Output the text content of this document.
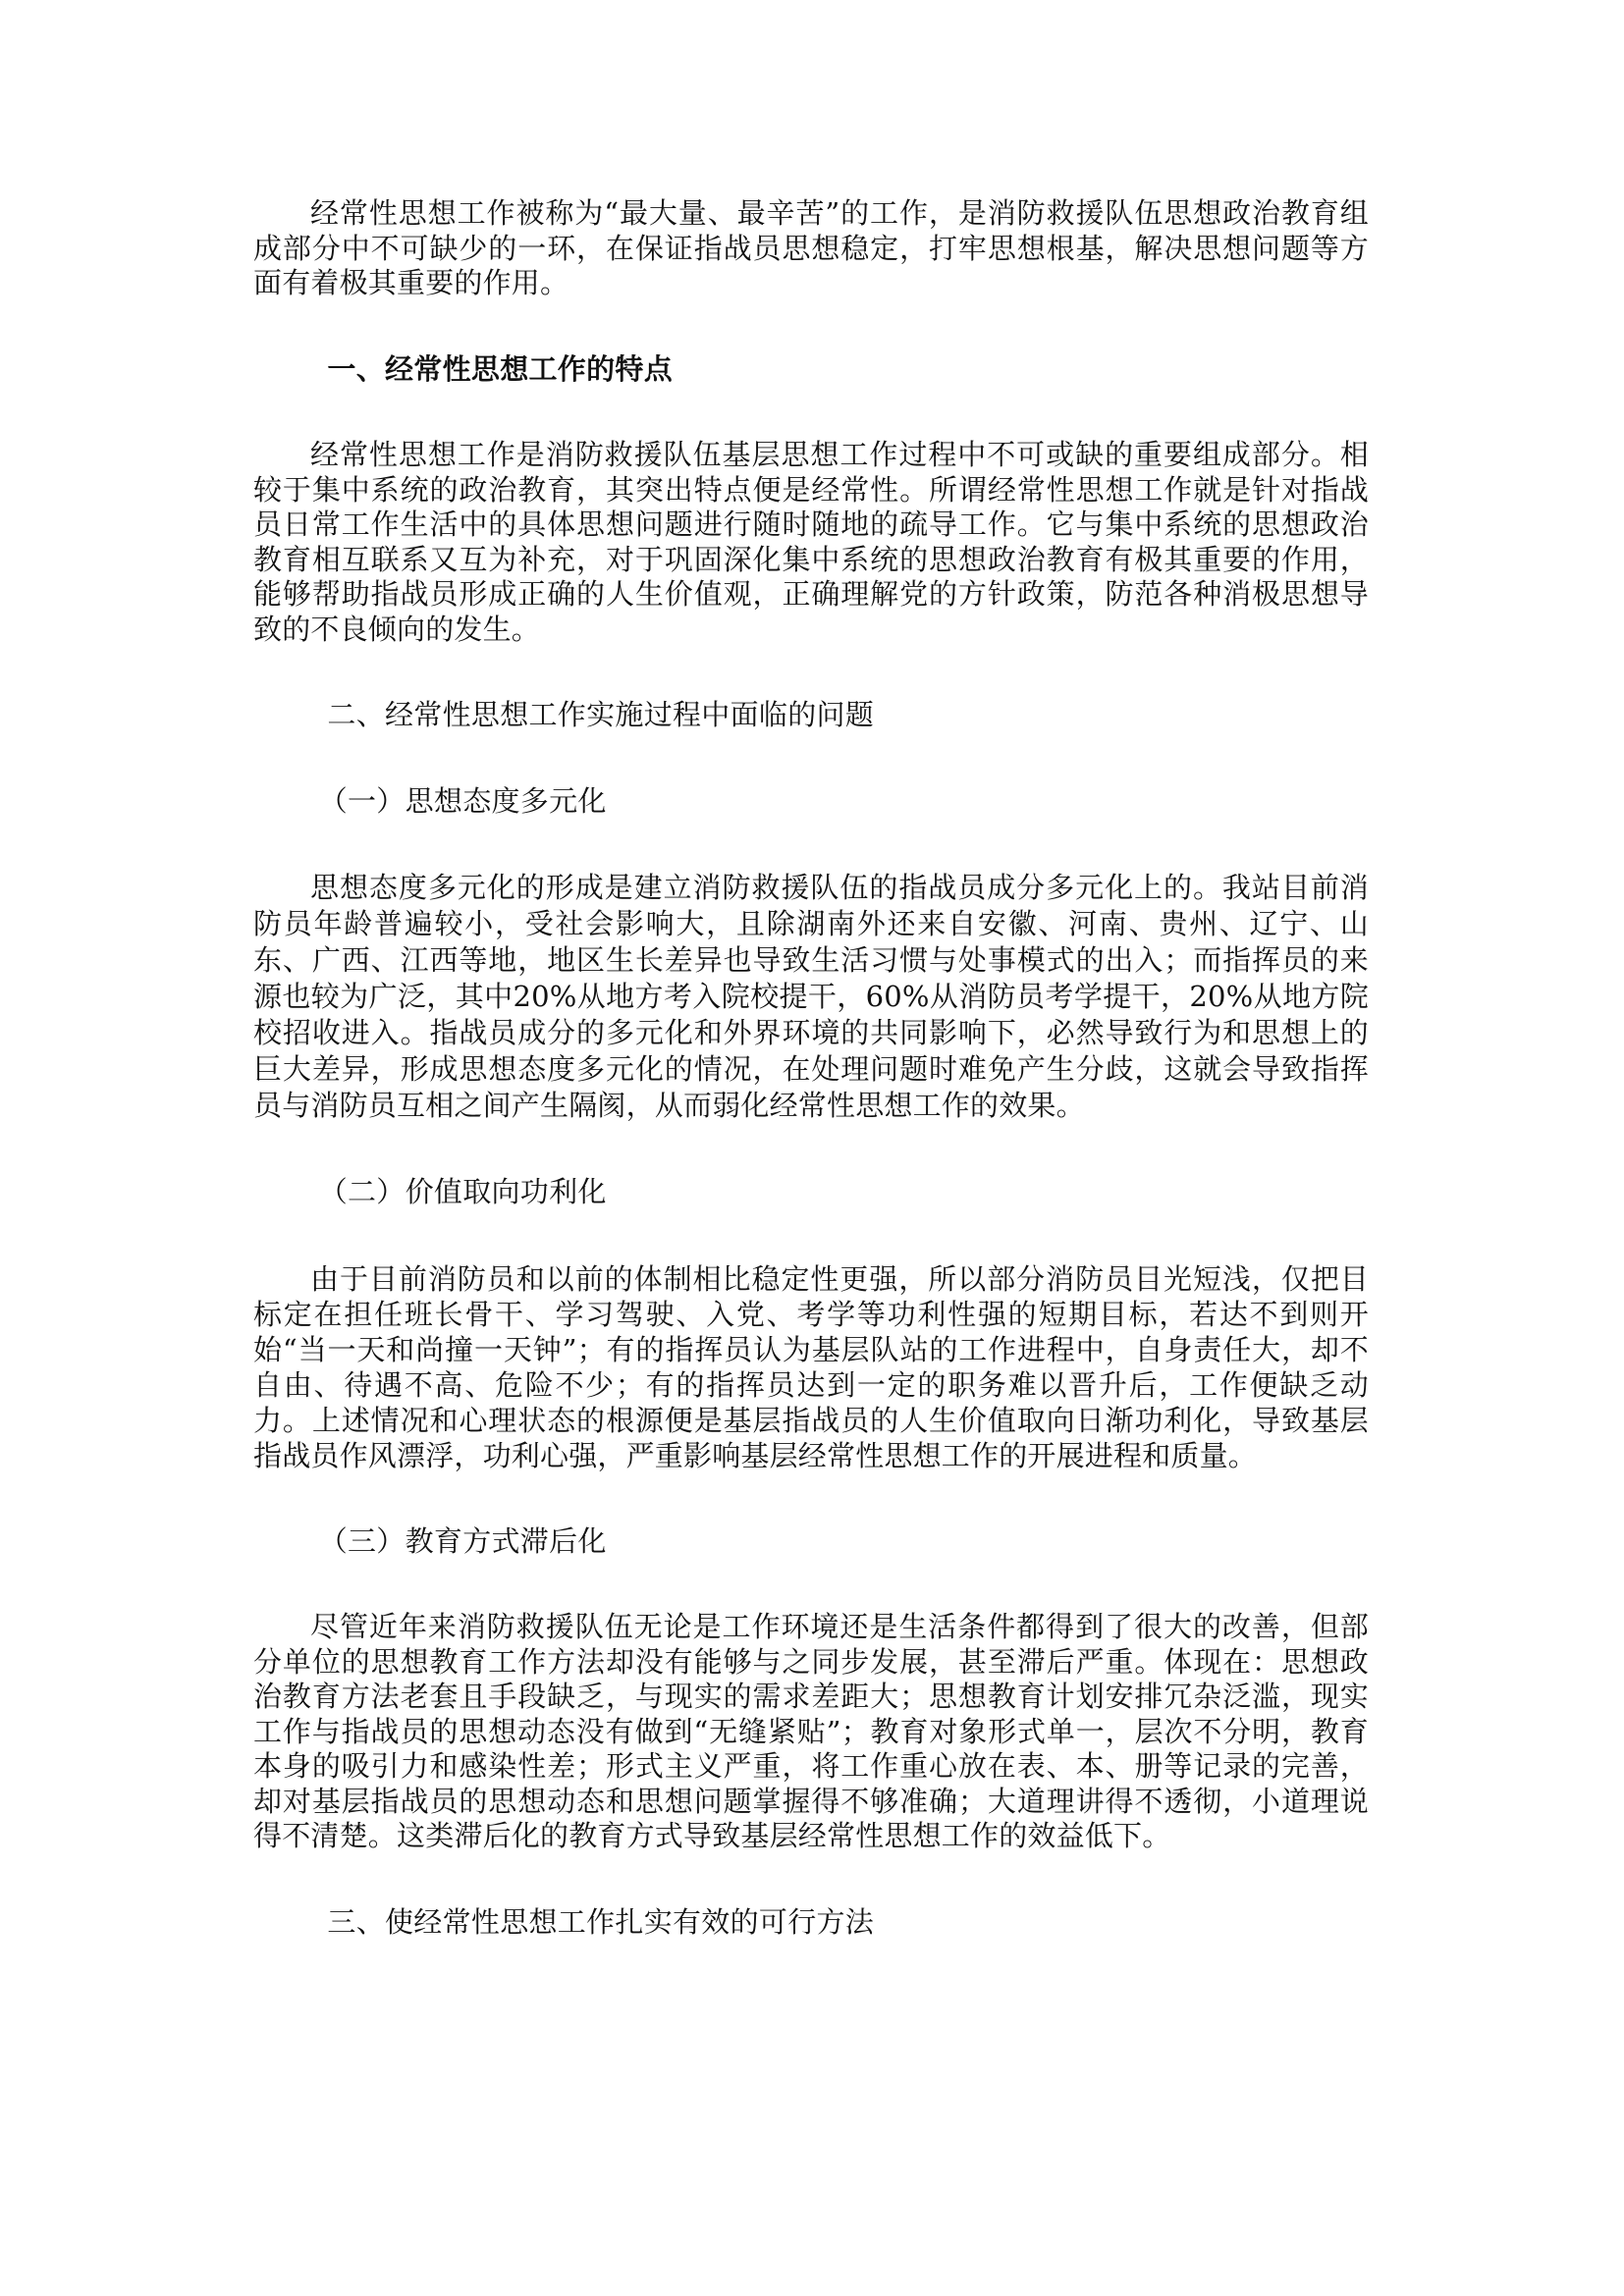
经常性思想工作被称为“最大量、最辛苦”的工作，是消防救援队伍思想政治教育组成部分中不可缺少的一环，在保证指战员思想稳定，打牢思想根基，解决思想问题等方面有着极其重要的作用。

一、经常性思想工作的特点

经常性思想工作是消防救援队伍基层思想工作过程中不可或缺的重要组成部分。相较于集中系统的政治教育，其突出特点便是经常性。所谓经常性思想工作就是针对指战员日常工作生活中的具体思想问题进行随时随地的疏导工作。它与集中系统的思想政治教育相互联系又互为补充，对于巩固深化集中系统的思想政治教育有极其重要的作用，能够帮助指战员形成正确的人生价值观，正确理解党的方针政策，防范各种消极思想导致的不良倾向的发生。

二、经常性思想工作实施过程中面临的问题

（一）思想态度多元化

思想态度多元化的形成是建立消防救援队伍的指战员成分多元化上的。我站目前消防员年龄普遍较小，受社会影响大，且除湖南外还来自安徽、河南、贵州、辽宁、山东、广西、江西等地，地区生长差异也导致生活习惯与处事模式的出入；而指挥员的来源也较为广泛，其中20%从地方考入院校提干，60%从消防员考学提干，20%从地方院校招收进入。指战员成分的多元化和外界环境的共同影响下，必然导致行为和思想上的巨大差异，形成思想态度多元化的情况，在处理问题时难免产生分歧，这就会导致指挥员与消防员互相之间产生隔阂，从而弱化经常性思想工作的效果。

（二）价值取向功利化

由于目前消防员和以前的体制相比稳定性更强，所以部分消防员目光短浅，仅把目标定在担任班长骨干、学习驾驶、入党、考学等功利性强的短期目标，若达不到则开始“当一天和尚撞一天钟”；有的指挥员认为基层队站的工作进程中，自身责任大，却不自由、待遇不高、危险不少；有的指挥员达到一定的职务难以晋升后，工作便缺乏动力。上述情况和心理状态的根源便是基层指战员的人生价值取向日渐功利化，导致基层指战员作风漂浮，功利心强，严重影响基层经常性思想工作的开展进程和质量。

（三）教育方式滞后化

尽管近年来消防救援队伍无论是工作环境还是生活条件都得到了很大的改善，但部分单位的思想教育工作方法却没有能够与之同步发展，甚至滞后严重。体现在：思想政治教育方法老套且手段缺乏，与现实的需求差距大；思想教育计划安排冗杂泛滥，现实工作与指战员的思想动态没有做到“无缝紧贴”；教育对象形式单一，层次不分明，教育本身的吸引力和感染性差；形式主义严重，将工作重心放在表、本、册等记录的完善，却对基层指战员的思想动态和思想问题掌握得不够准确；大道理讲得不透彻，小道理说得不清楚。这类滞后化的教育方式导致基层经常性思想工作的效益低下。

三、使经常性思想工作扎实有效的可行方法
